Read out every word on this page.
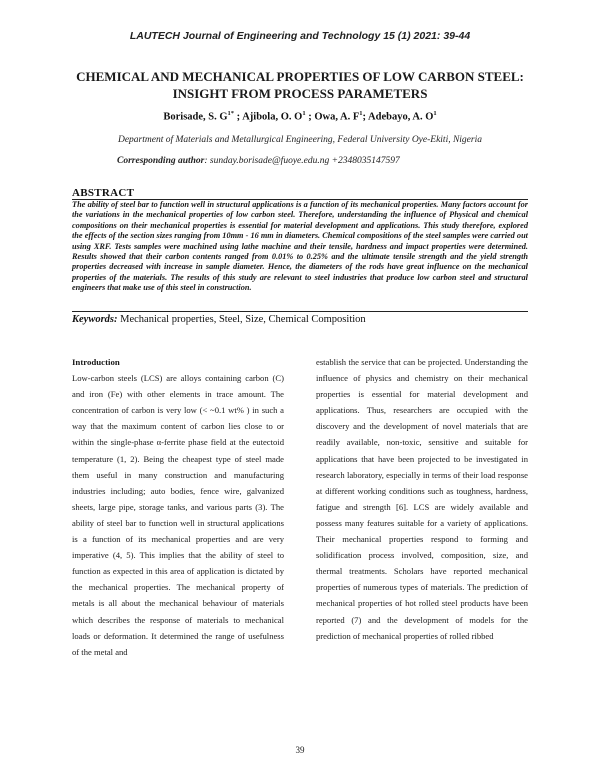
LAUTECH Journal of Engineering and Technology 15 (1) 2021: 39-44
CHEMICAL AND MECHANICAL PROPERTIES OF LOW CARBON STEEL: INSIGHT FROM PROCESS PARAMETERS
Borisade, S. $G^{1*}$ ; Ajibola, O. $O^1$ ; Owa, A. $F^1$; Adebayo, A. $O^1$
Department of Materials and Metallurgical Engineering, Federal University Oye-Ekiti, Nigeria
Corresponding author: sunday.borisade@fuoye.edu.ng +2348035147597
ABSTRACT
The ability of steel bar to function well in structural applications is a function of its mechanical properties. Many factors account for the variations in the mechanical properties of low carbon steel. Therefore, understanding the influence of Physical and chemical compositions on their mechanical properties is essential for material development and applications. This study therefore, explored the effects of the section sizes ranging from 10mm - 16 mm in diameters. Chemical compositions of the steel samples were carried out using XRF. Tests samples were machined using lathe machine and their tensile, hardness and impact properties were determined. Results showed that their carbon contents ranged from 0.01% to 0.25% and the ultimate tensile strength and the yield strength properties decreased with increase in sample diameter. Hence, the diameters of the rods have great influence on the mechanical properties of the materials. The results of this study are relevant to steel industries that produce low carbon steel and structural engineers that make use of this steel in construction.
Keywords: Mechanical properties, Steel, Size, Chemical Composition

Introduction

Low-carbon steels (LCS) are alloys containing carbon (C) and iron (Fe) with other elements in trace amount. The concentration of carbon is very low (< ~0.1 wt% ) in such a way that the maximum content of carbon lies close to or within the single-phase α-ferrite phase field at the eutectoid temperature (1, 2). Being the cheapest type of steel made them useful in many construction and manufacturing industries including; auto bodies, fence wire, galvanized sheets, large pipe, storage tanks, and various parts (3). The ability of steel bar to function well in structural applications is a function of its mechanical properties and are very imperative (4, 5). This implies that the ability of steel to function as expected in this area of application is dictated by the mechanical properties. The mechanical property of metals is all about the mechanical behaviour of materials which describes the response of materials to mechanical loads or deformation. It determined the range of usefulness of the metal and

establish the service that can be projected. Understanding the influence of physics and chemistry on their mechanical properties is essential for material development and applications. Thus, researchers are occupied with the discovery and the development of novel materials that are readily available, non-toxic, sensitive and suitable for applications that have been projected to be investigated in research laboratory, especially in terms of their load response at different working conditions such as toughness, hardness, fatigue and strength [6]. LCS are widely available and possess many features suitable for a variety of applications. Their mechanical properties respond to forming and solidification process involved, composition, size, and thermal treatments. Scholars have reported mechanical properties of numerous types of materials. The prediction of mechanical properties of hot rolled steel products have been reported (7) and the development of models for the prediction of mechanical properties of rolled ribbed

39
